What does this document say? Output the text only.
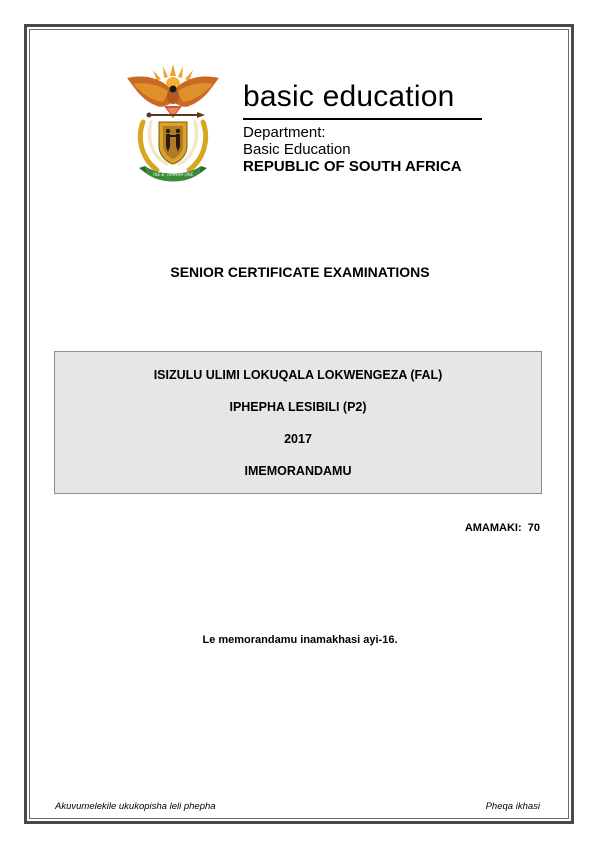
!KE E: /XARRA //KE
basic education
Department:
Basic Education
REPUBLIC OF SOUTH AFRICA
SENIOR CERTIFICATE EXAMINATIONS
ISIZULU ULIMI LOKUQALA LOKWENGEZA (FAL)
IPHEPHA LESIBILI (P2)
2017
IMEMORANDAMU
AMAMAKI:  70
Le memorandamu inamakhasi ayi-16.
Akuvumelekile ukukopisha leli phepha	Pheqa ikhasi
